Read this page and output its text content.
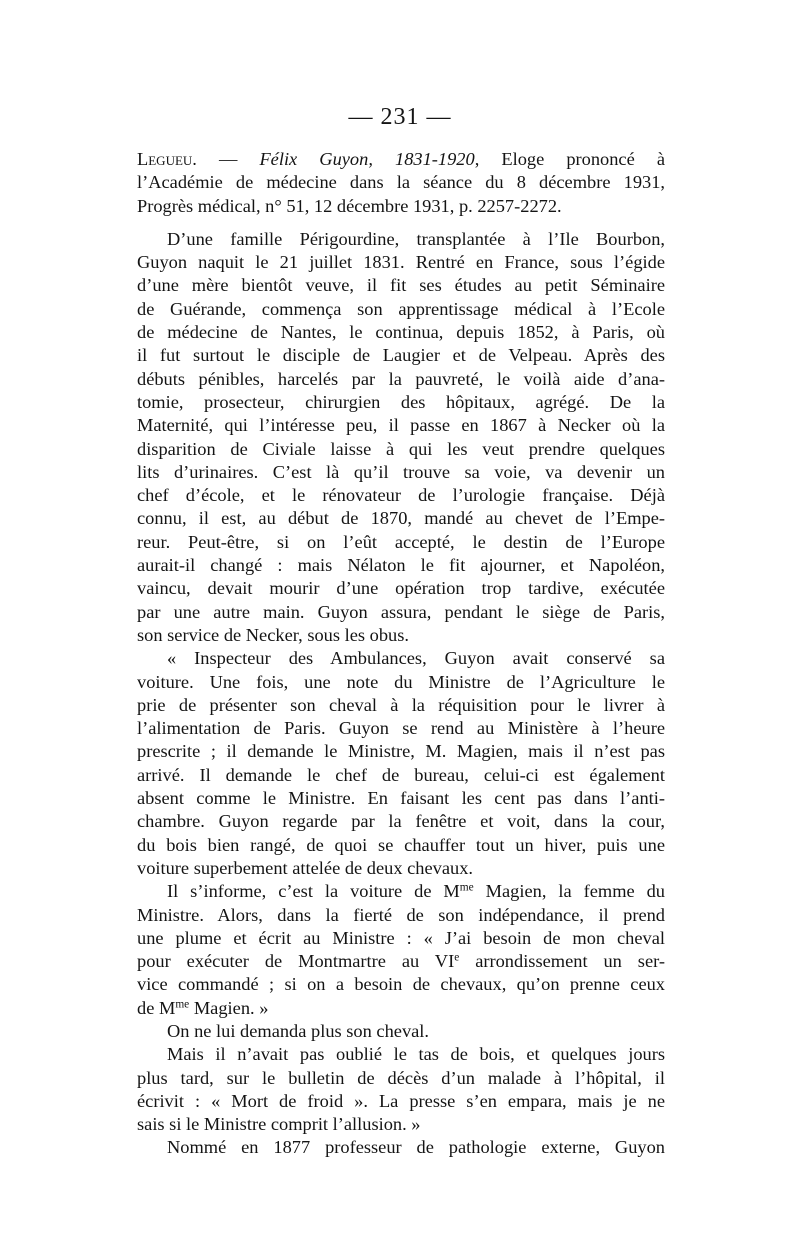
— 231 —
Legueu. — Félix Guyon, 1831-1920, Eloge prononcé à
l’Académie de médecine dans la séance du 8 décembre 1931,
Progrès médical, n° 51, 12 décembre 1931, p. 2257-2272.
D’une famille Périgourdine, transplantée à l’Ile Bourbon,
Guyon naquit le 21 juillet 1831. Rentré en France, sous l’égide
d’une mère bientôt veuve, il fit ses études au petit Séminaire
de Guérande, commença son apprentissage médical à l’Ecole
de médecine de Nantes, le continua, depuis 1852, à Paris, où
il fut surtout le disciple de Laugier et de Velpeau. Après des
débuts pénibles, harcelés par la pauvreté, le voilà aide d’ana-
tomie, prosecteur, chirurgien des hôpitaux, agrégé. De la
Maternité, qui l’intéresse peu, il passe en 1867 à Necker où la
disparition de Civiale laisse à qui les veut prendre quelques
lits d’urinaires. C’est là qu’il trouve sa voie, va devenir un
chef d’école, et le rénovateur de l’urologie française. Déjà
connu, il est, au début de 1870, mandé au chevet de l’Empe-
reur. Peut-être, si on l’eût accepté, le destin de l’Europe
aurait-il changé : mais Nélaton le fit ajourner, et Napoléon,
vaincu, devait mourir d’une opération trop tardive, exécutée
par une autre main. Guyon assura, pendant le siège de Paris,
son service de Necker, sous les obus.
« Inspecteur des Ambulances, Guyon avait conservé sa
voiture. Une fois, une note du Ministre de l’Agriculture le
prie de présenter son cheval à la réquisition pour le livrer à
l’alimentation de Paris. Guyon se rend au Ministère à l’heure
prescrite ; il demande le Ministre, M. Magien, mais il n’est pas
arrivé. Il demande le chef de bureau, celui-ci est également
absent comme le Ministre. En faisant les cent pas dans l’anti-
chambre. Guyon regarde par la fenêtre et voit, dans la cour,
du bois bien rangé, de quoi se chauffer tout un hiver, puis une
voiture superbement attelée de deux chevaux.
Il s’informe, c’est la voiture de $M^{me}$ Magien, la femme du
Ministre. Alors, dans la fierté de son indépendance, il prend
une plume et écrit au Ministre : « J’ai besoin de mon cheval
pour exécuter de Montmartre au VIe arrondissement un ser-
vice commandé ; si on a besoin de chevaux, qu’on prenne ceux
de $M^{me}$ Magien. »
On ne lui demanda plus son cheval.
Mais il n’avait pas oublié le tas de bois, et quelques jours
plus tard, sur le bulletin de décès d’un malade à l’hôpital, il
écrivit : « Mort de froid ». La presse s’en empara, mais je ne
sais si le Ministre comprit l’allusion. »
Nommé en 1877 professeur de pathologie externe, Guyon
